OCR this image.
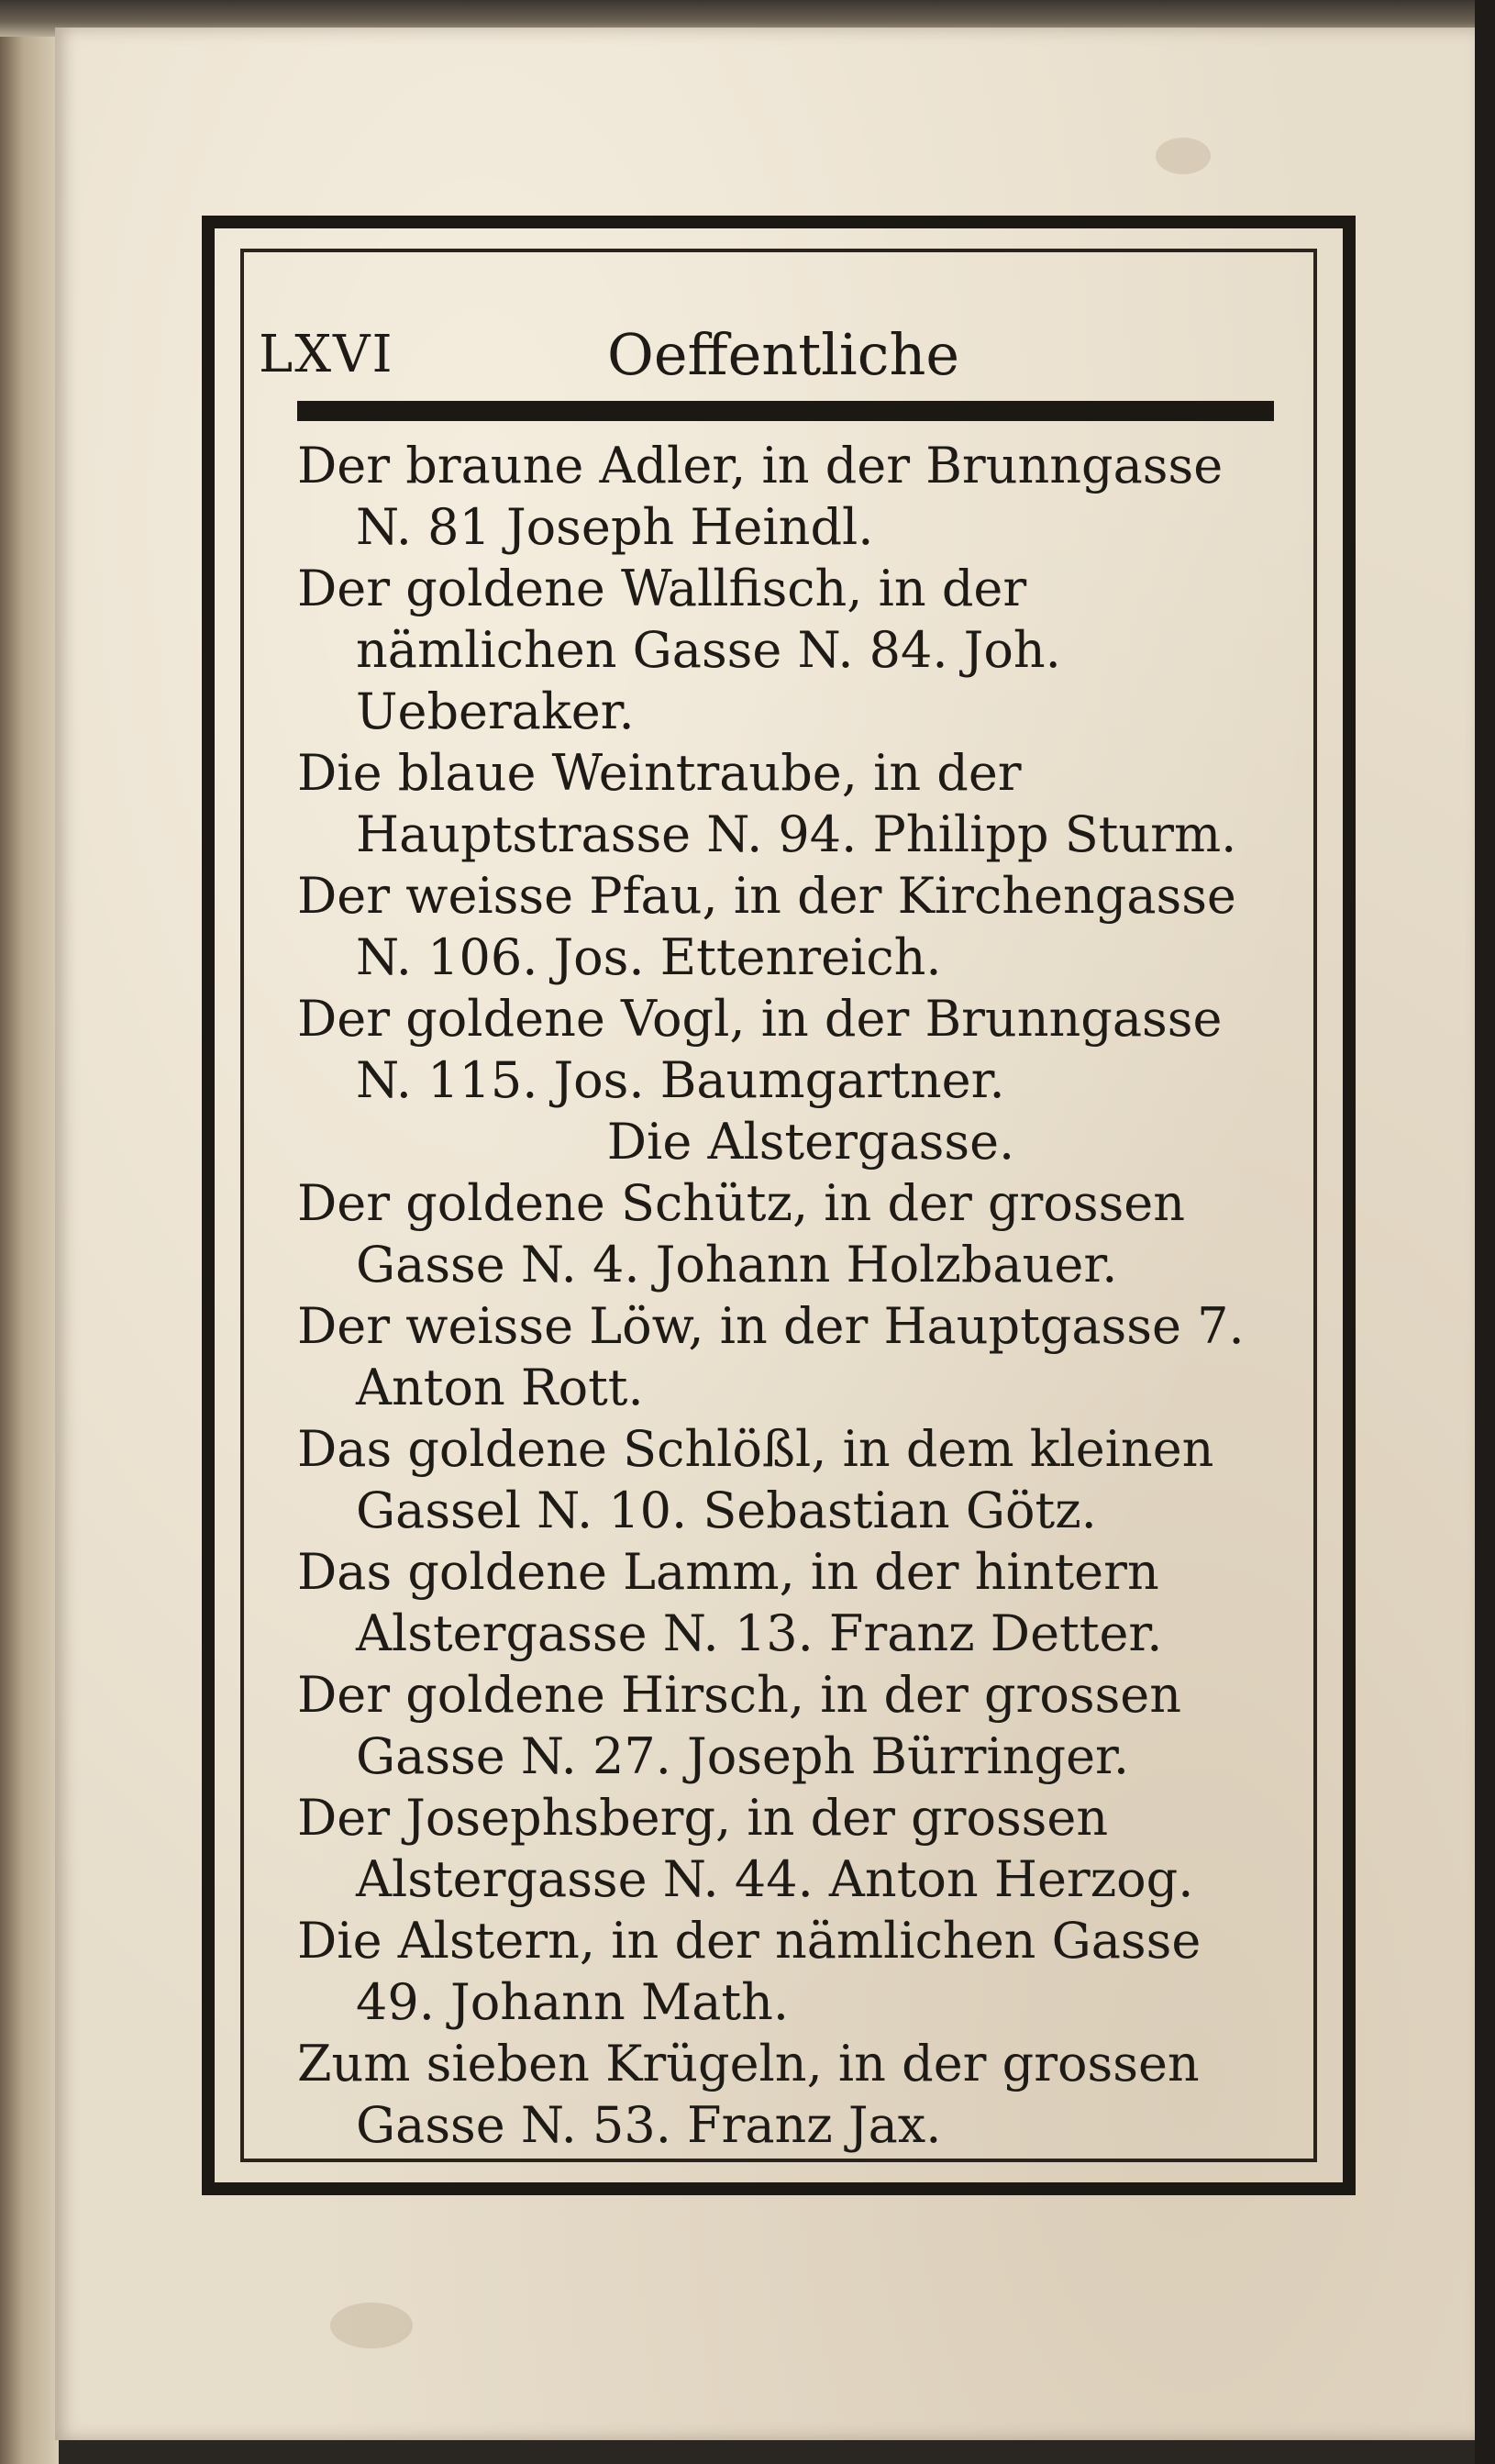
LXVI	Oeffentliche

Der braune Adler, in der Brunngasse N. 81 Joseph Heindl.

Der goldene Wallfisch, in der nämlichen Gasse N. 84. Joh. Ueberaker.

Die blaue Weintraube, in der Hauptstrasse N. 94. Philipp Sturm.

Der weisse Pfau, in der Kirchengasse N. 106. Jos. Ettenreich.

Der goldene Vogl, in der Brunngasse N. 115. Jos. Baumgartner.

Die Alstergasse.

Der goldene Schütz, in der grossen Gasse N. 4. Johann Holzbauer.

Der weisse Löw, in der Hauptgasse 7. Anton Rott.

Das goldene Schlößl, in dem kleinen Gassel N. 10. Sebastian Götz.

Das goldene Lamm, in der hintern Alstergasse N. 13. Franz Detter.

Der goldene Hirsch, in der grossen Gasse N. 27. Joseph Bürringer.

Der Josephsberg, in der grossen Alstergasse N. 44. Anton Herzog.

Die Alstern, in der nämlichen Gasse 49. Johann Math.

Zum sieben Krügeln, in der grossen Gasse N. 53. Franz Jax.
